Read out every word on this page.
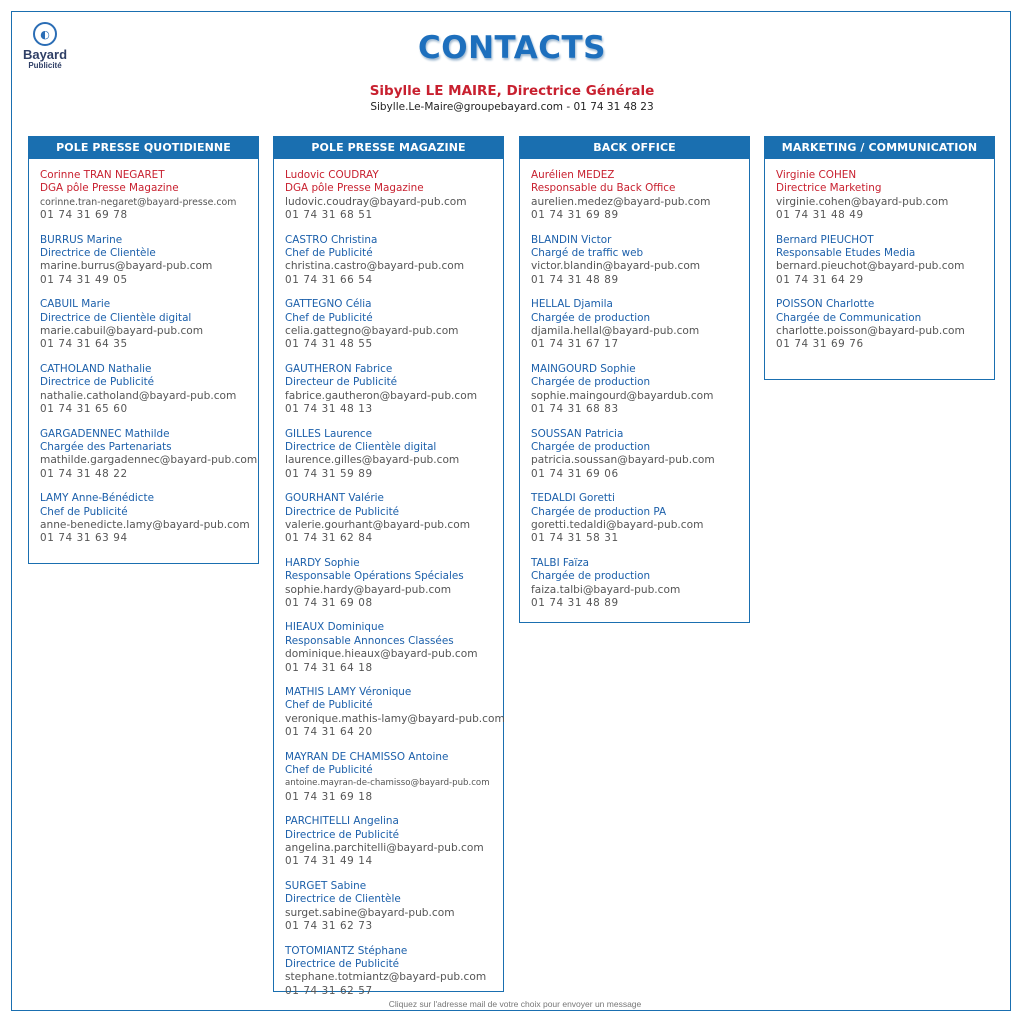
◐
Bayard
Publicité	CONTACTS
Sibylle LE MAIRE, Directrice Générale
Sibylle.Le-Maire@groupebayard.com - 01 74 31 48 23
POLE PRESSE QUOTIDIENNE
Corinne TRAN NEGARET
DGA pôle Presse Magazine
corinne.tran-negaret@bayard-presse.com
01 74 31 69 78
BURRUS Marine
Directrice de Clientèle
marine.burrus@bayard-pub.com
01 74 31 49 05
CABUIL Marie
Directrice de Clientèle digital
marie.cabuil@bayard-pub.com
01 74 31 64 35
CATHOLAND Nathalie
Directrice de Publicité
nathalie.catholand@bayard-pub.com
01 74 31 65 60
GARGADENNEC Mathilde
Chargée des Partenariats
mathilde.gargadennec@bayard-pub.com
01 74 31 48 22
LAMY Anne-Bénédicte
Chef de Publicité
anne-benedicte.lamy@bayard-pub.com
01 74 31 63 94
POLE PRESSE MAGAZINE
Ludovic COUDRAY
DGA pôle Presse Magazine
ludovic.coudray@bayard-pub.com
01 74 31 68 51
CASTRO Christina
Chef de Publicité
christina.castro@bayard-pub.com
01 74 31 66 54
GATTEGNO Célia
Chef de Publicité
celia.gattegno@bayard-pub.com
01 74 31 48 55
GAUTHERON Fabrice
Directeur de Publicité
fabrice.gautheron@bayard-pub.com
01 74 31 48 13
GILLES Laurence
Directrice de Clientèle digital
laurence.gilles@bayard-pub.com
01 74 31 59 89
GOURHANT Valérie
Directrice de Publicité
valerie.gourhant@bayard-pub.com
01 74 31 62 84
HARDY Sophie
Responsable Opérations Spéciales
sophie.hardy@bayard-pub.com
01 74 31 69 08
HIEAUX Dominique
Responsable Annonces Classées
dominique.hieaux@bayard-pub.com
01 74 31 64 18
MATHIS LAMY Véronique
Chef de Publicité
veronique.mathis-lamy@bayard-pub.com
01 74 31 64 20
MAYRAN DE CHAMISSO Antoine
Chef de Publicité
antoine.mayran-de-chamisso@bayard-pub.com
01 74 31 69 18
PARCHITELLI Angelina
Directrice de Publicité
angelina.parchitelli@bayard-pub.com
01 74 31 49 14
SURGET Sabine
Directrice de Clientèle
surget.sabine@bayard-pub.com
01 74 31 62 73
TOTOMIANTZ Stéphane
Directrice de Publicité
stephane.totmiantz@bayard-pub.com
01 74 31 62 57
BACK OFFICE
Aurélien MEDEZ
Responsable du Back Office
aurelien.medez@bayard-pub.com
01 74 31 69 89
BLANDIN Victor
Chargé de traffic web
victor.blandin@bayard-pub.com
01 74 31 48 89
HELLAL Djamila
Chargée de production
djamila.hellal@bayard-pub.com
01 74 31 67 17
MAINGOURD Sophie
Chargée de production
sophie.maingourd@bayardub.com
01 74 31 68 83
SOUSSAN Patricia
Chargée de production
patricia.soussan@bayard-pub.com
01 74 31 69 06
TEDALDI Goretti
Chargée de production PA
goretti.tedaldi@bayard-pub.com
01 74 31 58 31
TALBI Faïza
Chargée de production
faiza.talbi@bayard-pub.com
01 74 31 48 89
MARKETING / COMMUNICATION
Virginie COHEN
Directrice Marketing
virginie.cohen@bayard-pub.com
01 74 31 48 49
Bernard PIEUCHOT
Responsable Etudes Media
bernard.pieuchot@bayard-pub.com
01 74 31 64 29
POISSON Charlotte
Chargée de Communication
charlotte.poisson@bayard-pub.com
01 74 31 69 76
Cliquez sur l'adresse mail de votre choix pour envoyer un message
